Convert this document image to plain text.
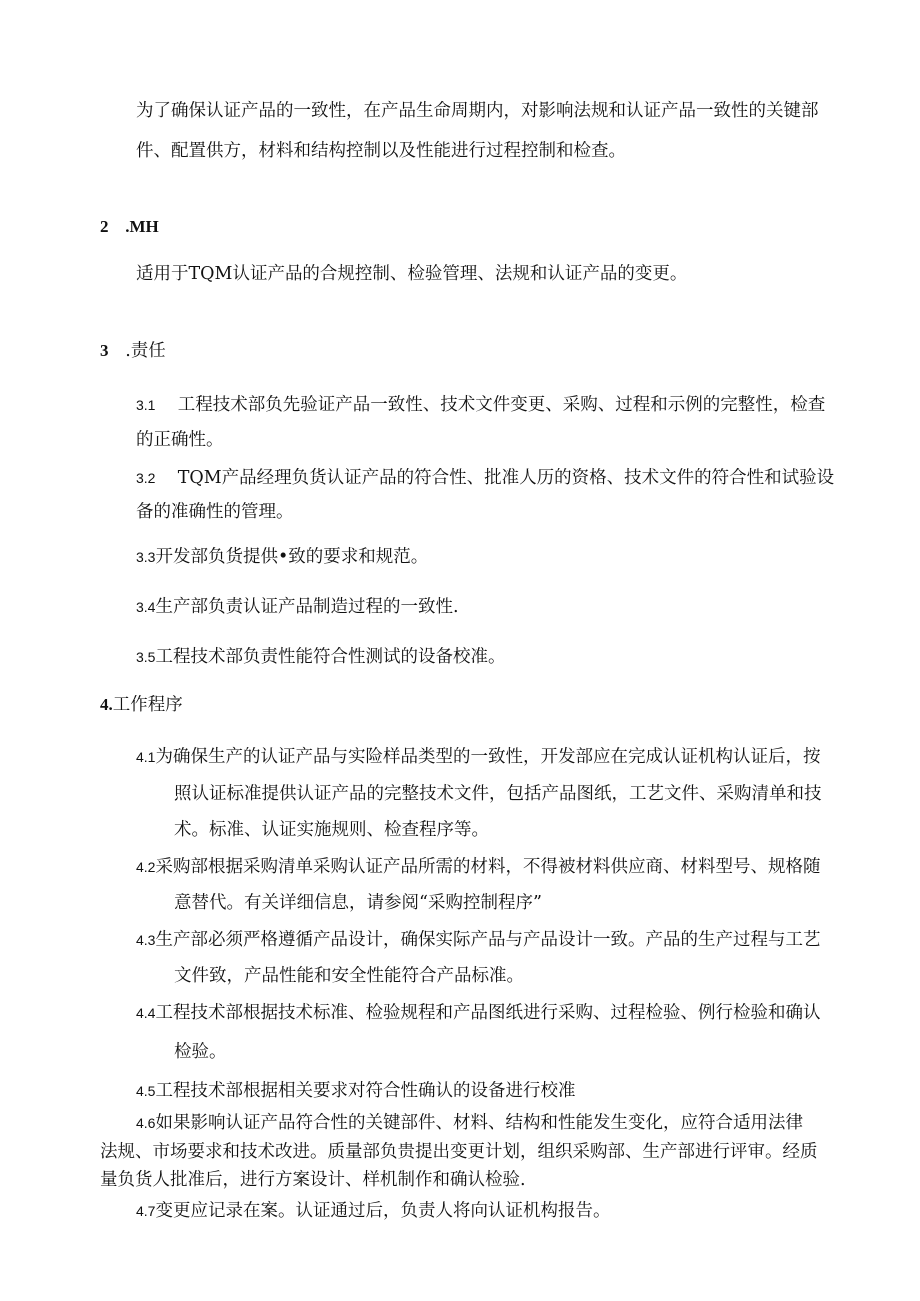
为了确保认证产品的一致性，在产品生命周期内，对影响法规和认证产品一致性的关键部
件、配置供方，材料和结构控制以及性能进行过程控制和检查。
2 .MH
适用于TQM认证产品的合规控制、检验管理、法规和认证产品的变更。
3 .责任
3.1 工程技术部负先验证产品一致性、技术文件变更、采购、过程和示例的完整性，检查
的正确性。
3.2 TQM产品经理负货认证产品的符合性、批准人历的资格、技术文件的符合性和试验设
备的准确性的管理。
3.3开发部负货提供•致的要求和规范。
3.4生产部负责认证产品制造过程的一致性.
3.5工程技术部负责性能符合性测试的设备校准。
4.工作程序
4.1为确保生产的认证产品与实险样品类型的一致性，开发部应在完成认证机构认证后，按
照认证标准提供认证产品的完整技术文件，包括产品图纸，工艺文件、采购清单和技
术。标准、认证实施规则、检查程序等。
4.2采购部根据采购清单采购认证产品所需的材料，不得被材料供应商、材料型号、规格随
意替代。有关详细信息，请参阅“采购控制程序”
4.3生产部必须严格遵循产品设计，确保实际产品与产品设计一致。产品的生产过程与工艺
文件致，产品性能和安全性能符合产品标准。
4.4工程技术部根据技术标准、检验规程和产品图纸进行采购、过程检验、例行检验和确认
检验。
4.5工程技术部根据相关要求对符合性确认的设备进行校准
4.6如果影响认证产品符合性的关键部件、材料、结构和性能发生变化，应符合适用法律
法规、市场要求和技术改进。质量部负贵提出变更计划，组织采购部、生产部进行评审。经质
量负货人批准后，进行方案设计、样机制作和确认检验.
4.7变更应记录在案。认证通过后，负责人将向认证机构报告。
